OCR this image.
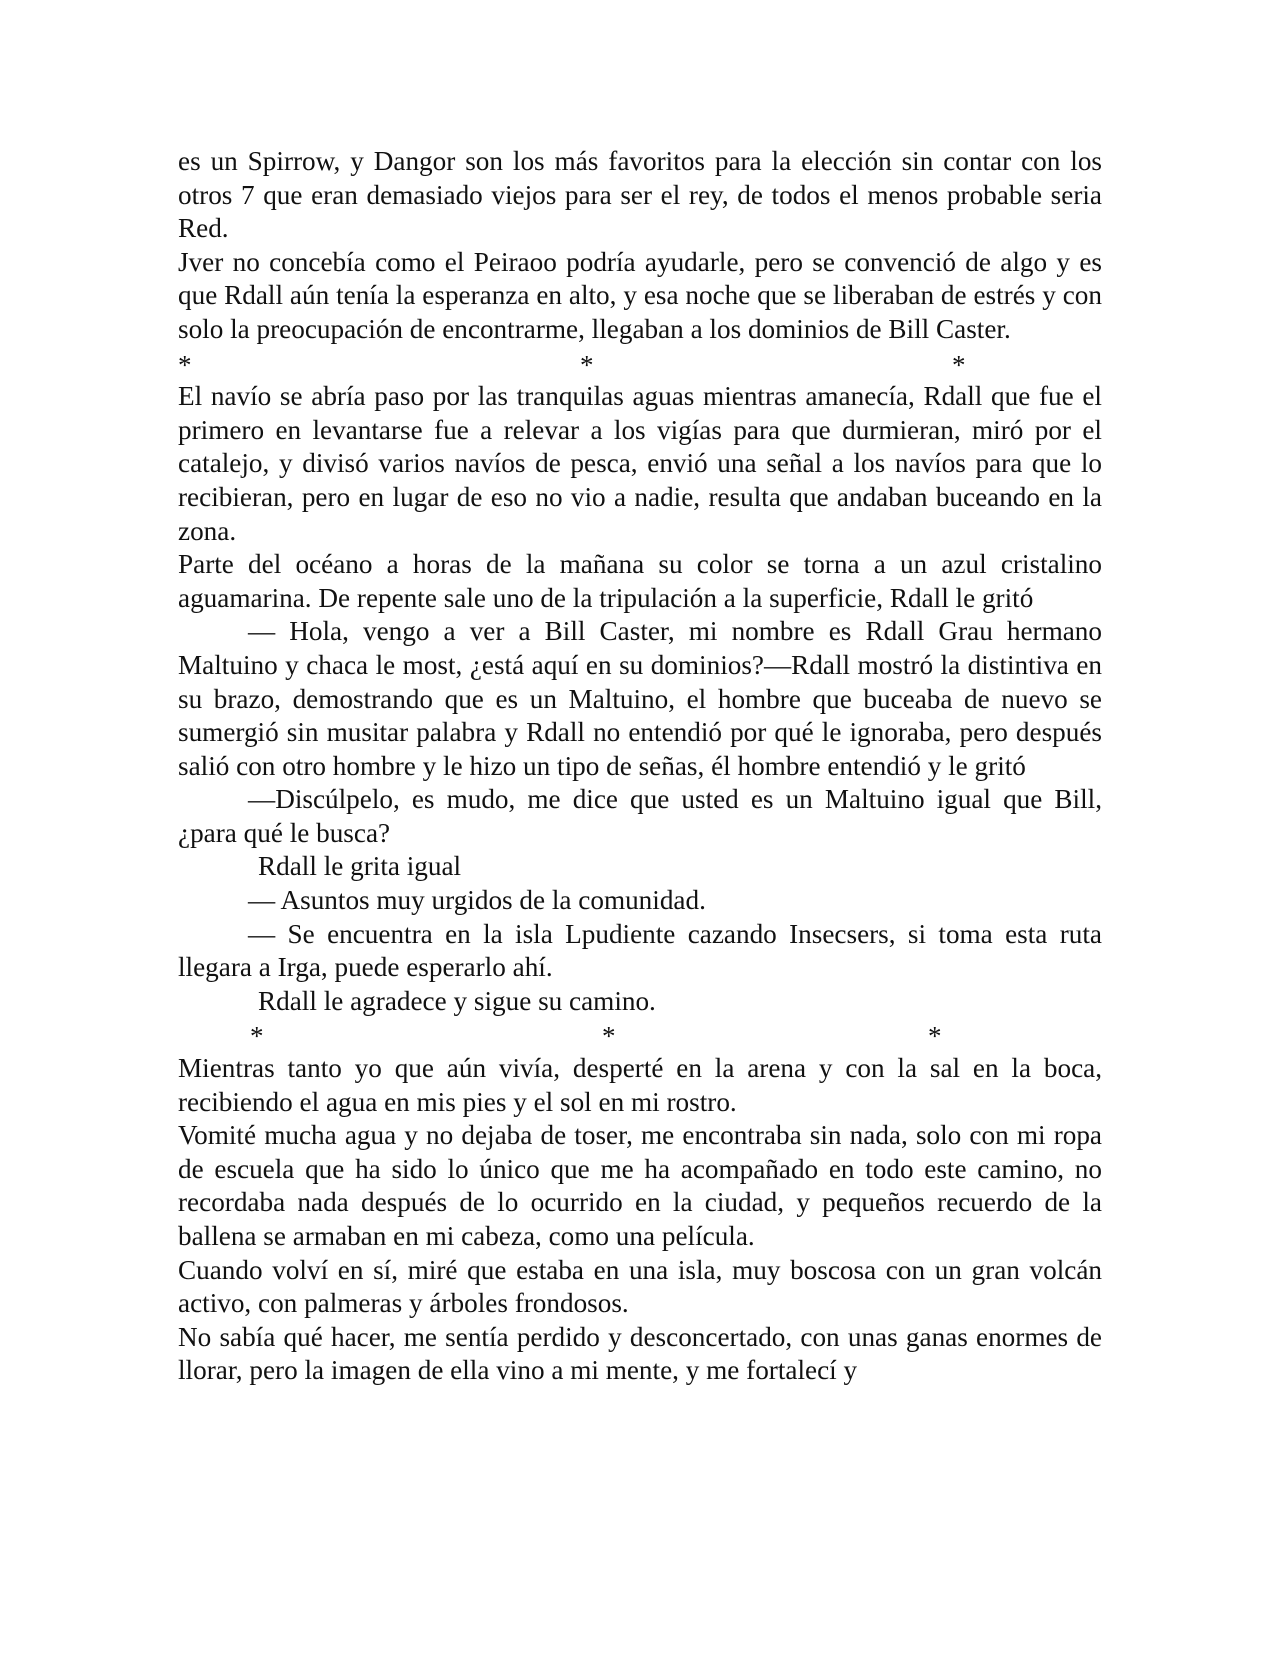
es un Spirrow, y Dangor son los más favoritos para la elección sin contar con los otros 7 que eran demasiado viejos para ser el rey, de todos el menos probable seria Red.

Jver no concebía como el Peiraoo podría ayudarle, pero se convenció de algo y es que Rdall aún tenía la esperanza en alto, y esa noche que se liberaban de estrés y con solo la preocupación de encontrarme, llegaban a los dominios de Bill Caster.

*	*	*

El navío se abría paso por las tranquilas aguas mientras amanecía, Rdall que fue el primero en levantarse fue a relevar a los vigías para que durmieran, miró por el catalejo, y divisó varios navíos de pesca, envió una señal a los navíos para que lo recibieran, pero en lugar de eso no vio a nadie, resulta que andaban buceando en la zona.

Parte del océano a horas de la mañana su color se torna a un azul cristalino aguamarina. De repente sale uno de la tripulación a la superficie, Rdall le gritó

— Hola, vengo a ver a Bill Caster, mi nombre es Rdall Grau hermano Maltuino y chaca le most, ¿está aquí en su dominios?—Rdall mostró la distintiva en su brazo, demostrando que es un Maltuino, el hombre que buceaba de nuevo se sumergió sin musitar palabra y Rdall no entendió por qué le ignoraba, pero después salió con otro hombre y le hizo un tipo de señas, él hombre entendió y le gritó

—Discúlpelo, es mudo, me dice que usted es un Maltuino igual que Bill, ¿para qué le busca?

Rdall le grita igual

— Asuntos muy urgidos de la comunidad.

— Se encuentra en la isla Lpudiente cazando Insecsers, si toma esta ruta llegara a Irga, puede esperarlo ahí.

Rdall le agradece y sigue su camino.

*	*	*

Mientras tanto yo que aún vivía, desperté en la arena y con la sal en la boca, recibiendo el agua en mis pies y el sol en mi rostro.

Vomité mucha agua y no dejaba de toser, me encontraba sin nada, solo con mi ropa de escuela que ha sido lo único que me ha acompañado en todo este camino, no recordaba nada después de lo ocurrido en la ciudad, y pequeños recuerdo de la ballena se armaban en mi cabeza, como una película.

Cuando volví en sí, miré que estaba en una isla, muy boscosa con un gran volcán activo, con palmeras y árboles frondosos.

No sabía qué hacer, me sentía perdido y desconcertado, con unas ganas enormes de llorar, pero la imagen de ella vino a mi mente, y me fortalecí y
